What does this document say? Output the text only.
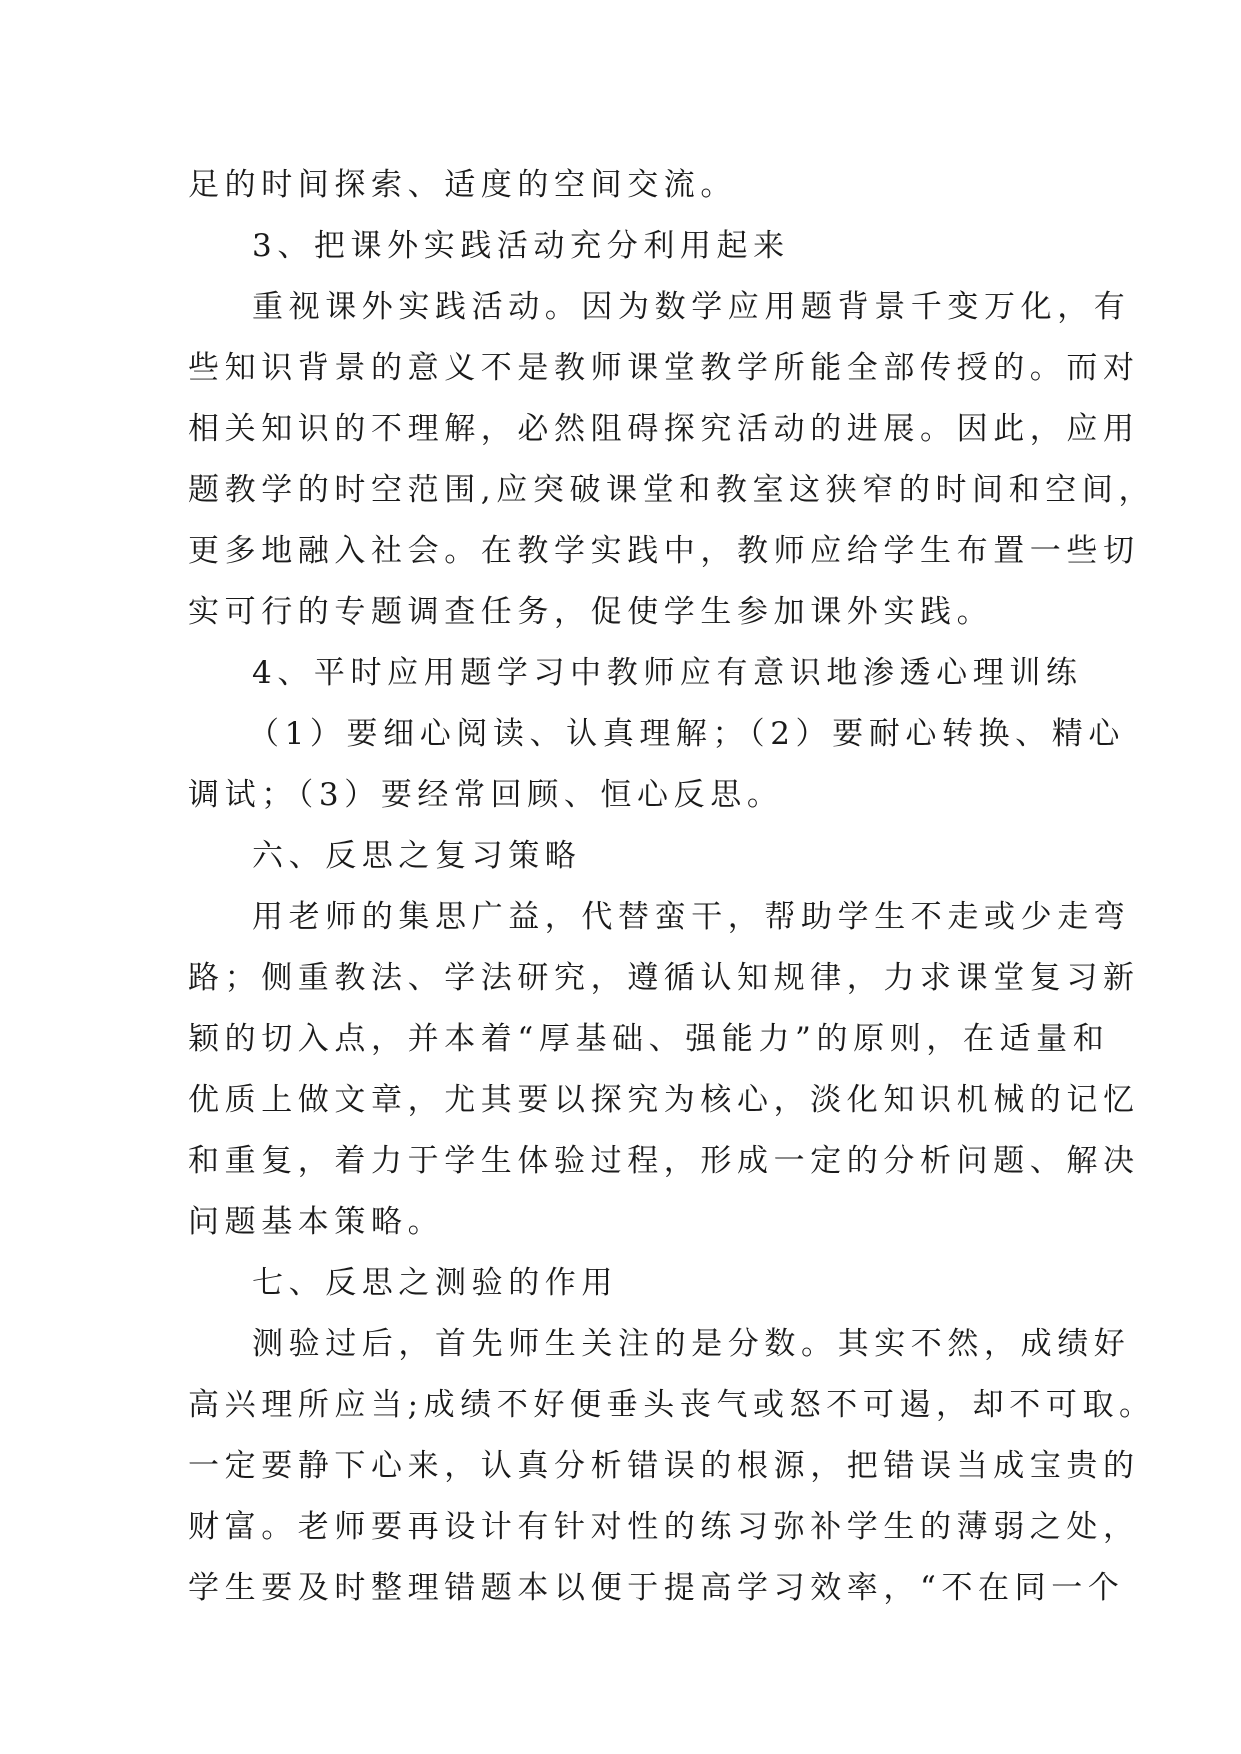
足的时间探索、适度的空间交流。
3、把课外实践活动充分利用起来
重视课外实践活动。因为数学应用题背景千变万化，有
些知识背景的意义不是教师课堂教学所能全部传授的。而对
相关知识的不理解，必然阻碍探究活动的进展。因此，应用
题教学的时空范围,应突破课堂和教室这狭窄的时间和空间，
更多地融入社会。在教学实践中，教师应给学生布置一些切
实可行的专题调查任务，促使学生参加课外实践。
4、平时应用题学习中教师应有意识地渗透心理训练
（1）要细心阅读、认真理解；（2）要耐心转换、精心
调试；（3）要经常回顾、恒心反思。
六、反思之复习策略
用老师的集思广益，代替蛮干，帮助学生不走或少走弯
路；侧重教法、学法研究，遵循认知规律，力求课堂复习新
颖的切入点，并本着“厚基础、强能力”的原则，在适量和
优质上做文章，尤其要以探究为核心，淡化知识机械的记忆
和重复，着力于学生体验过程，形成一定的分析问题、解决
问题基本策略。
七、反思之测验的作用
测验过后，首先师生关注的是分数。其实不然，成绩好
高兴理所应当;成绩不好便垂头丧气或怒不可遏，却不可取。
一定要静下心来，认真分析错误的根源，把错误当成宝贵的
财富。老师要再设计有针对性的练习弥补学生的薄弱之处，
学生要及时整理错题本以便于提高学习效率，“不在同一个
